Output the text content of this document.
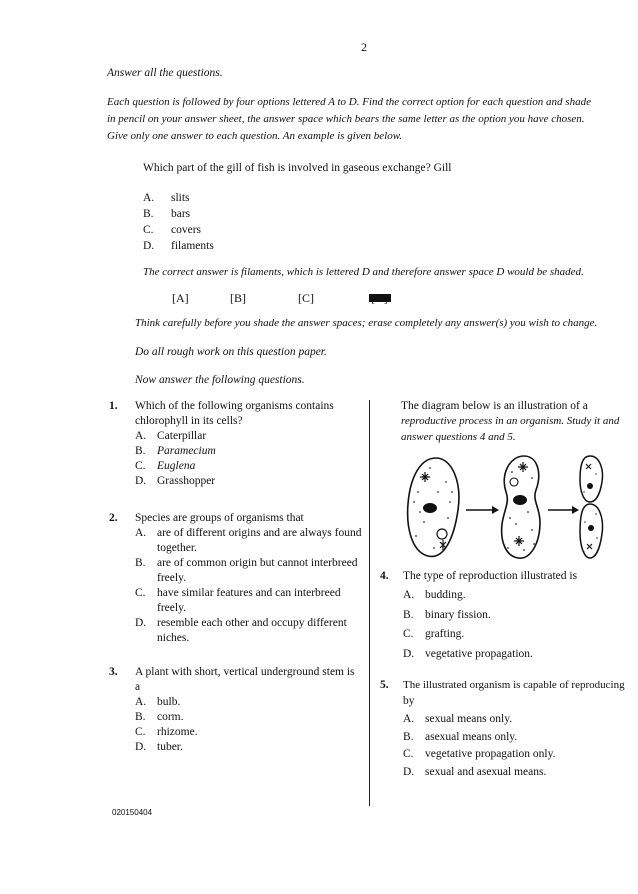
2
Answer all the questions.
Each question is followed by four options lettered A to D. Find the correct option for each question and shade
in pencil on your answer sheet, the answer space which bears the same letter as the option you have chosen.
Give only one answer to each question. An example is given below.
Which part of the gill of fish is involved in gaseous exchange? Gill
A. slits
B. bars
C. covers
D. filaments
The correct answer is filaments, which is lettered D and therefore answer space D would be shaded.
[A]	[B]	[C]
Think carefully before you shade the answer spaces; erase completely any answer(s) you wish to change.
Do all rough work on this question paper.
Now answer the following questions.
1. Which of the following organisms contains
chlorophyll in its cells?
A. Caterpillar
B. Paramecium
C. Euglena
D. Grasshopper
2. Species are groups of organisms that
A. are of different origins and are always found
together.
B. are of common origin but cannot interbreed
freely.
C. have similar features and can interbreed
freely.
D. resemble each other and occupy different
niches.
3. A plant with short, vertical underground stem is
a
A. bulb.
B. corm.
C. rhizome.
D. tuber.
The diagram below is an illustration of a
reproductive process in an organism. Study it and
answer questions 4 and 5.
4. The type of reproduction illustrated is
A. budding.
B. binary fission.
C. grafting.
D. vegetative propagation.
5. The illustrated organism is capable of reproducing
by
A. sexual means only.
B. asexual means only.
C. vegetative propagation only.
D. sexual and asexual means.
020150404
